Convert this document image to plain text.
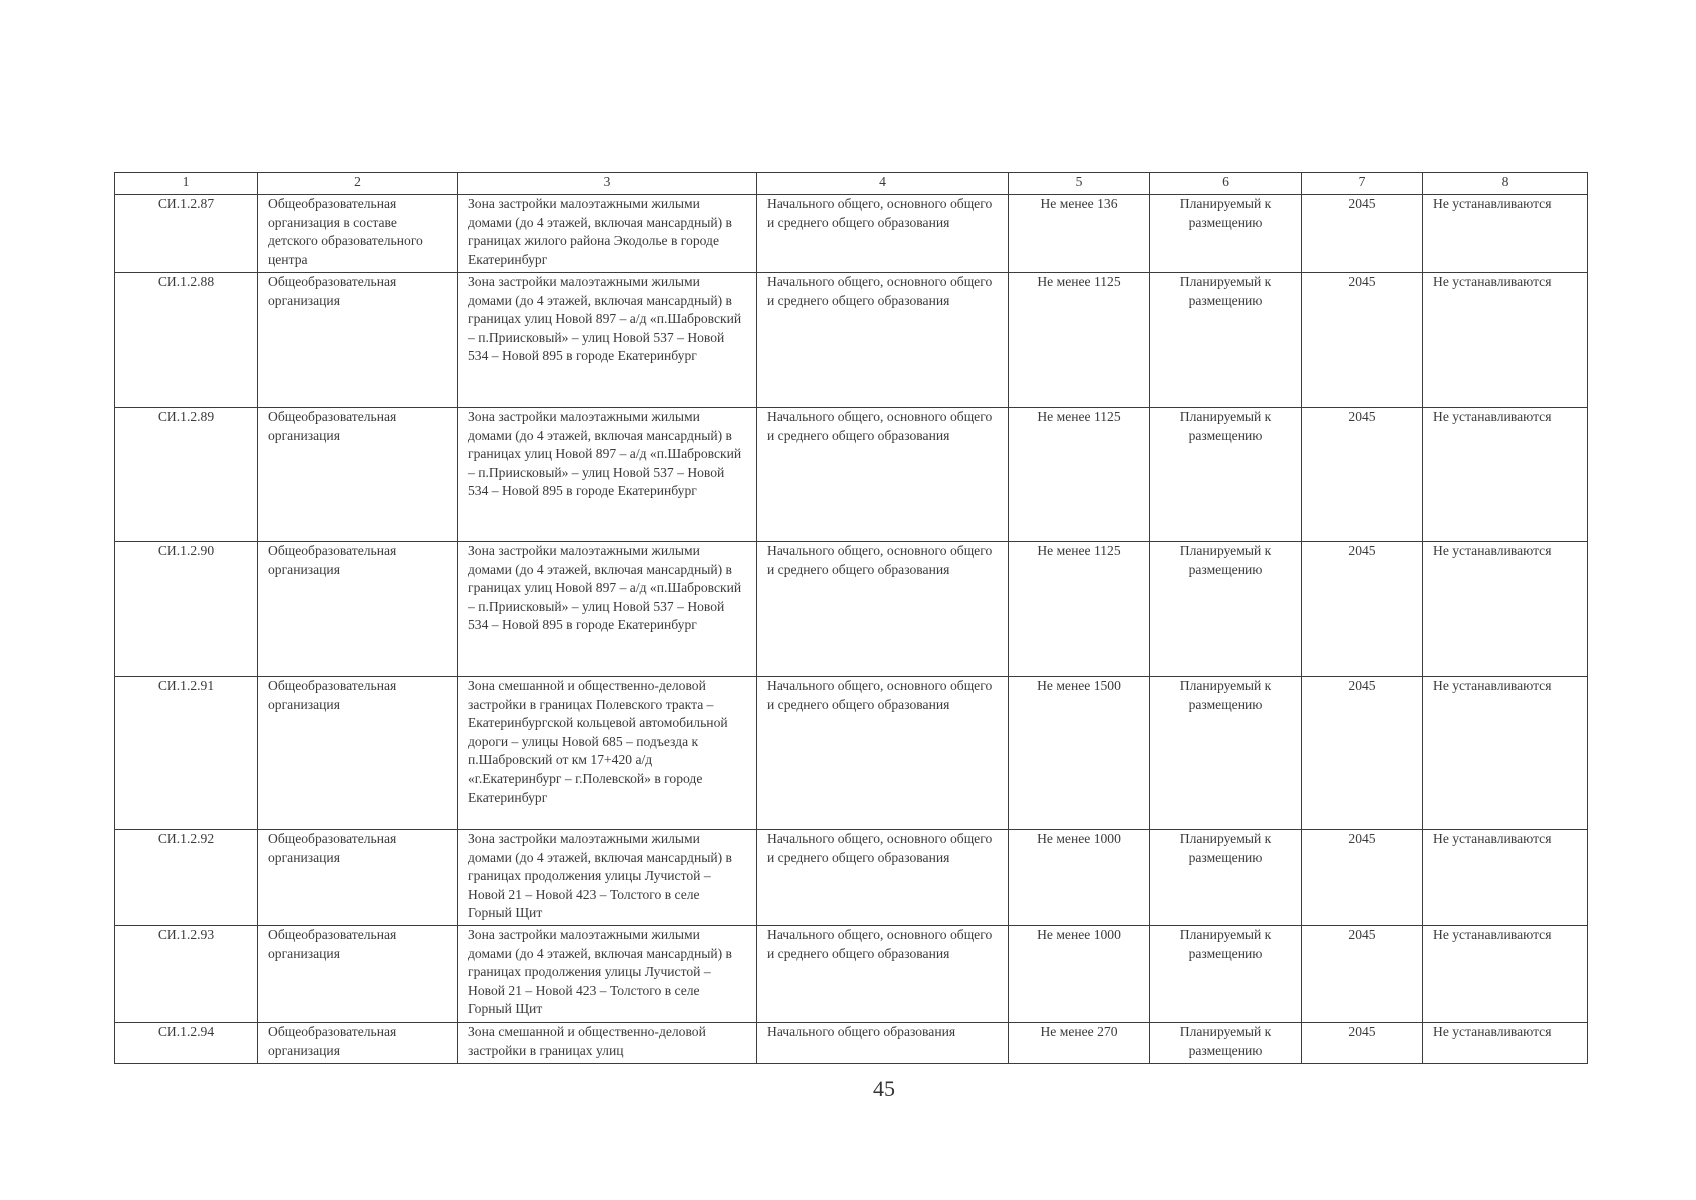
1	2	3	4	5	6	7	8
СИ.1.2.87	Общеобразовательная организация в составе детского образовательного центра	Зона застройки малоэтажными жилыми домами (до 4 этажей, включая мансардный) в границах жилого района Экодолье в городе Екатеринбург	Начального общего, основного общего и среднего общего образования	Не менее 136	Планируемый к размещению	2045	Не устанавливаются
СИ.1.2.88	Общеобразовательная организация	Зона застройки малоэтажными жилыми домами (до 4 этажей, включая мансардный) в границах улиц Новой 897 – а/д «п.Шабровский – п.Прииcковый» – улиц Новой 537 – Новой 534 – Новой 895 в городе Екатеринбург	Начального общего, основного общего и среднего общего образования	Не менее 1125	Планируемый к размещению	2045	Не устанавливаются
СИ.1.2.89	Общеобразовательная организация	Зона застройки малоэтажными жилыми домами (до 4 этажей, включая мансардный) в границах улиц Новой 897 – а/д «п.Шабровский – п.Прииcковый» – улиц Новой 537 – Новой 534 – Новой 895 в городе Екатеринбург	Начального общего, основного общего и среднего общего образования	Не менее 1125	Планируемый к размещению	2045	Не устанавливаются
СИ.1.2.90	Общеобразовательная организация	Зона застройки малоэтажными жилыми домами (до 4 этажей, включая мансардный) в границах улиц Новой 897 – а/д «п.Шабровский – п.Прииcковый» – улиц Новой 537 – Новой 534 – Новой 895 в городе Екатеринбург	Начального общего, основного общего и среднего общего образования	Не менее 1125	Планируемый к размещению	2045	Не устанавливаются
СИ.1.2.91	Общеобразовательная организация	Зона смешанной и общественно-деловой застройки в границах Полевского тракта – Екатеринбургской кольцевой автомобильной дороги – улицы Новой 685 – подъезда к п.Шабровский от км 17+420 а/д «г.Екатеринбург – г.Полевской» в городе Екатеринбург	Начального общего, основного общего и среднего общего образования	Не менее 1500	Планируемый к размещению	2045	Не устанавливаются
СИ.1.2.92	Общеобразовательная организация	Зона застройки малоэтажными жилыми домами (до 4 этажей, включая мансардный) в границах продолжения улицы Лучистой – Новой 21 – Новой 423 – Толстого в селе Горный Щит	Начального общего, основного общего и среднего общего образования	Не менее 1000	Планируемый к размещению	2045	Не устанавливаются
СИ.1.2.93	Общеобразовательная организация	Зона застройки малоэтажными жилыми домами (до 4 этажей, включая мансардный) в границах продолжения улицы Лучистой – Новой 21 – Новой 423 – Толстого в селе Горный Щит	Начального общего, основного общего и среднего общего образования	Не менее 1000	Планируемый к размещению	2045	Не устанавливаются
СИ.1.2.94	Общеобразовательная организация	Зона смешанной и общественно-деловой застройки в границах улиц	Начального общего образования	Не менее 270	Планируемый к размещению	2045	Не устанавливаются
45
